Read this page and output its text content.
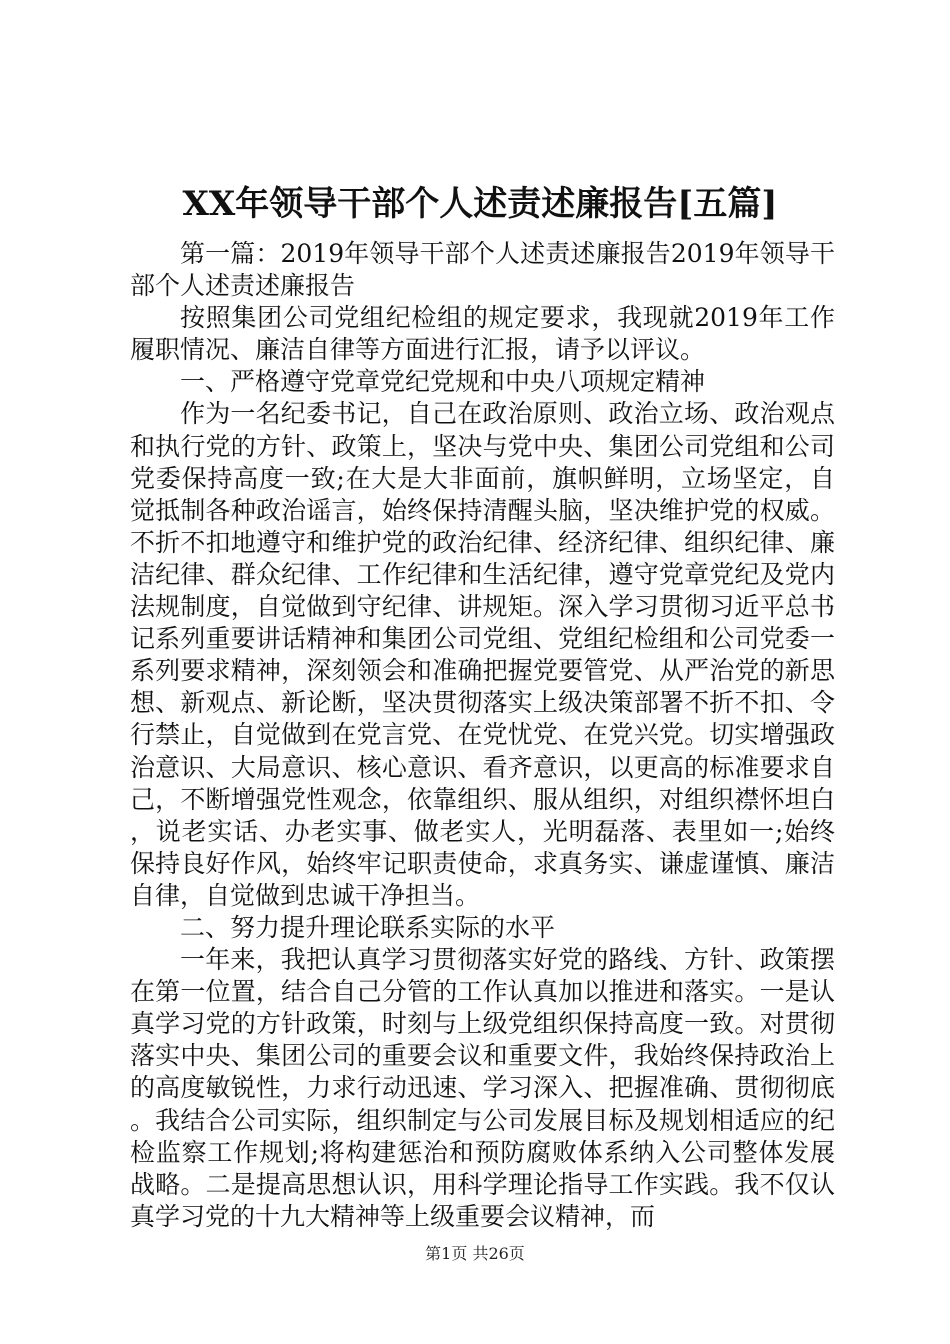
XX年领导干部个人述责述廉报告[五篇]

第一篇：2019年领导干部个人述责述廉报告2019年领导干部个人述责述廉报告

按照集团公司党组纪检组的规定要求，我现就2019年工作履职情况、廉洁自律等方面进行汇报，请予以评议。

一、严格遵守党章党纪党规和中央八项规定精神

作为一名纪委书记，自己在政治原则、政治立场、政治观点和执行党的方针、政策上，坚决与党中央、集团公司党组和公司党委保持高度一致;在大是大非面前，旗帜鲜明，立场坚定，自觉抵制各种政治谣言，始终保持清醒头脑，坚决维护党的权威。不折不扣地遵守和维护党的政治纪律、经济纪律、组织纪律、廉洁纪律、群众纪律、工作纪律和生活纪律，遵守党章党纪及党内法规制度，自觉做到守纪律、讲规矩。深入学习贯彻习近平总书记系列重要讲话精神和集团公司党组、党组纪检组和公司党委一系列要求精神，深刻领会和准确把握党要管党、从严治党的新思想、新观点、新论断，坚决贯彻落实上级决策部署不折不扣、令行禁止，自觉做到在党言党、在党忧党、在党兴党。切实增强政治意识、大局意识、核心意识、看齐意识，以更高的标准要求自己，不断增强党性观念，依靠组织、服从组织，对组织襟怀坦白，说老实话、办老实事、做老实人，光明磊落、表里如一;始终保持良好作风，始终牢记职责使命，求真务实、谦虚谨慎、廉洁自律，自觉做到忠诚干净担当。

二、努力提升理论联系实际的水平

一年来，我把认真学习贯彻落实好党的路线、方针、政策摆在第一位置，结合自己分管的工作认真加以推进和落实。一是认真学习党的方针政策，时刻与上级党组织保持高度一致。对贯彻落实中央、集团公司的重要会议和重要文件，我始终保持政治上的高度敏锐性，力求行动迅速、学习深入、把握准确、贯彻彻底。我结合公司实际，组织制定与公司发展目标及规划相适应的纪检监察工作规划;将构建惩治和预防腐败体系纳入公司整体发展战略。二是提高思想认识，用科学理论指导工作实践。我不仅认真学习党的十九大精神等上级重要会议精神，而

第1页 共26页
